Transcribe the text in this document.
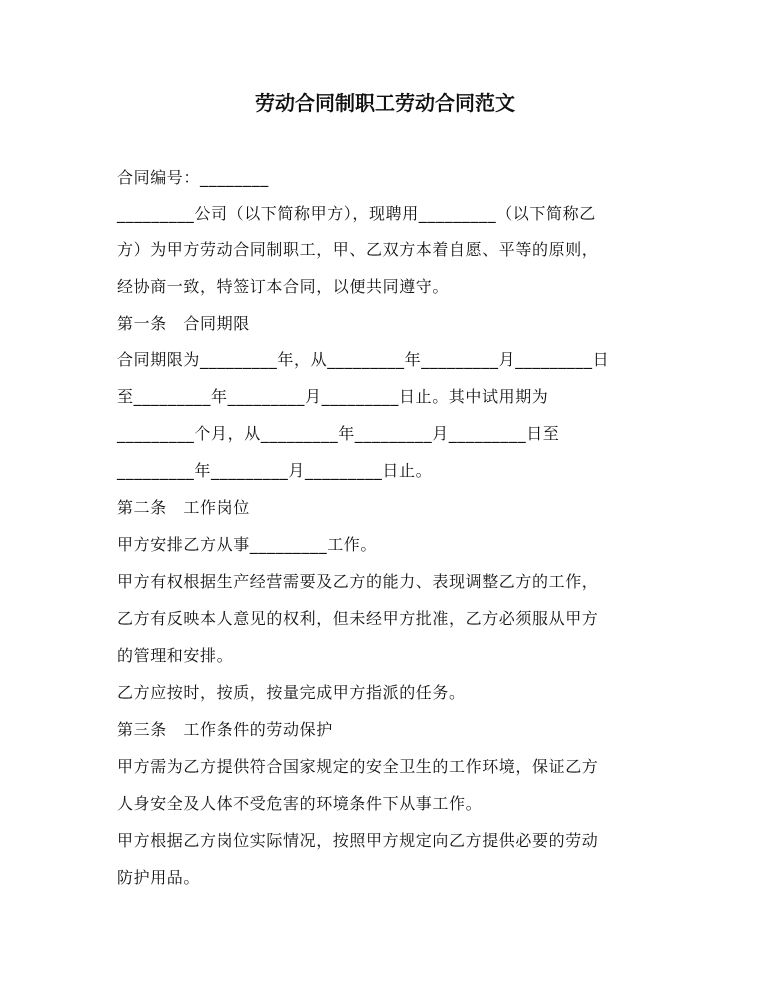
劳动合同制职工劳动合同范文
合同编号：________
_________公司（以下简称甲方），现聘用_________（以下简称乙
方）为甲方劳动合同制职工，甲、乙双方本着自愿、平等的原则，
经协商一致，特签订本合同，以便共同遵守。
第一条　合同期限
合同期限为_________年，从_________年_________月_________日
至_________年_________月_________日止。其中试用期为
_________个月，从_________年_________月_________日至
_________年_________月_________日止。
第二条　工作岗位
甲方安排乙方从事_________工作。
甲方有权根据生产经营需要及乙方的能力、表现调整乙方的工作，
乙方有反映本人意见的权利，但未经甲方批准，乙方必须服从甲方
的管理和安排。
乙方应按时，按质，按量完成甲方指派的任务。
第三条　工作条件的劳动保护
甲方需为乙方提供符合国家规定的安全卫生的工作环境，保证乙方
人身安全及人体不受危害的环境条件下从事工作。
甲方根据乙方岗位实际情况，按照甲方规定向乙方提供必要的劳动
防护用品。
